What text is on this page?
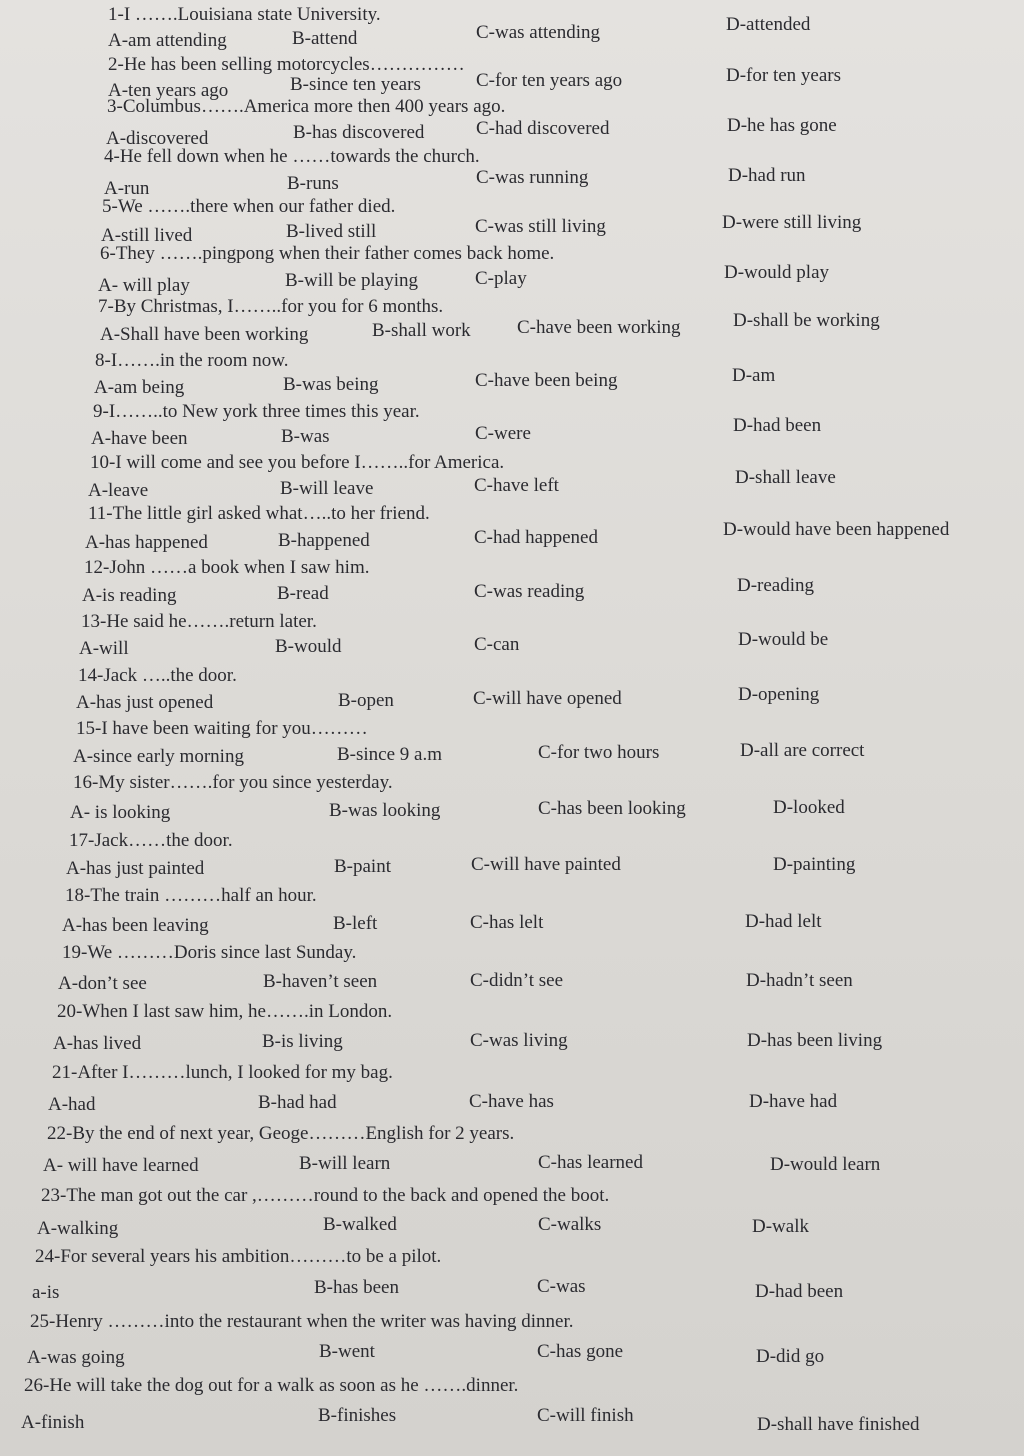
1-I …….Louisiana state University.
A-am attending	B-attend	C-was attending	D-attended
2-He has been selling motorcycles……………
A-ten years ago	B-since ten years	C-for ten years ago	D-for ten years
3-Columbus…….America more then 400 years ago.
A-discovered	B-has discovered	C-had discovered	D-he has gone
4-He fell down when he ……towards the church.
A-run	B-runs	C-was running	D-had run
5-We …….there when our father died.
A-still lived	B-lived still	C-was still living	D-were still living
6-They …….pingpong when their father comes back home.
A- will play	B-will be playing	C-play	D-would play
7-By Christmas, I……..for you for 6 months.
A-Shall have been working	B-shall work C-have been working	D-shall be working
8-I…….in the room now.
A-am being	B-was being	C-have been being	D-am
9-I……..to New york three times this year.
A-have been	B-was	C-were	D-had been
10-I will come and see you before I……..for America.
A-leave	B-will leave	C-have left	D-shall leave
11-The little girl asked what…..to her friend.
A-has happened	B-happened	C-had happened	D-would have been happened
12-John ……a book when I saw him.
A-is reading	B-read	C-was reading	D-reading
13-He said he…….return later.
A-will	B-would	C-can	D-would be
14-Jack …..the door.
A-has just opened	B-open	C-will have opened	D-opening
15-I have been waiting for you………
A-since early morning	B-since 9 a.m	C-for two hours	D-all are correct
16-My sister…….for you since yesterday.
A- is looking	B-was looking	C-has been looking	D-looked
17-Jack……the door.
A-has just painted	B-paint	C-will have painted	D-painting
18-The train ………half an hour.
A-has been leaving	B-left	C-has lelt	D-had lelt
19-We ………Doris since last Sunday.
A-don’t see	B-haven’t seen	C-didn’t see	D-hadn’t seen
20-When I last saw him, he…….in London.
A-has lived	B-is living	C-was living	D-has been living
21-After I………lunch, I looked for my bag.
A-had	B-had had	C-have has	D-have had
22-By the end of next year, Geoge………English for 2 years.
A- will have learned	B-will learn	C-has learned	D-would learn
23-The man got out the car ,………round to the back and opened the boot.
A-walking	B-walked	C-walks	D-walk
24-For several years his ambition………to be a pilot.
a-is	B-has been	C-was	D-had been
25-Henry ………into the restaurant when the writer was having dinner.
A-was going	B-went	C-has gone	D-did go
26-He will take the dog out for a walk as soon as he …….dinner.
A-finish	B-finishes	C-will finish	D-shall have finished
